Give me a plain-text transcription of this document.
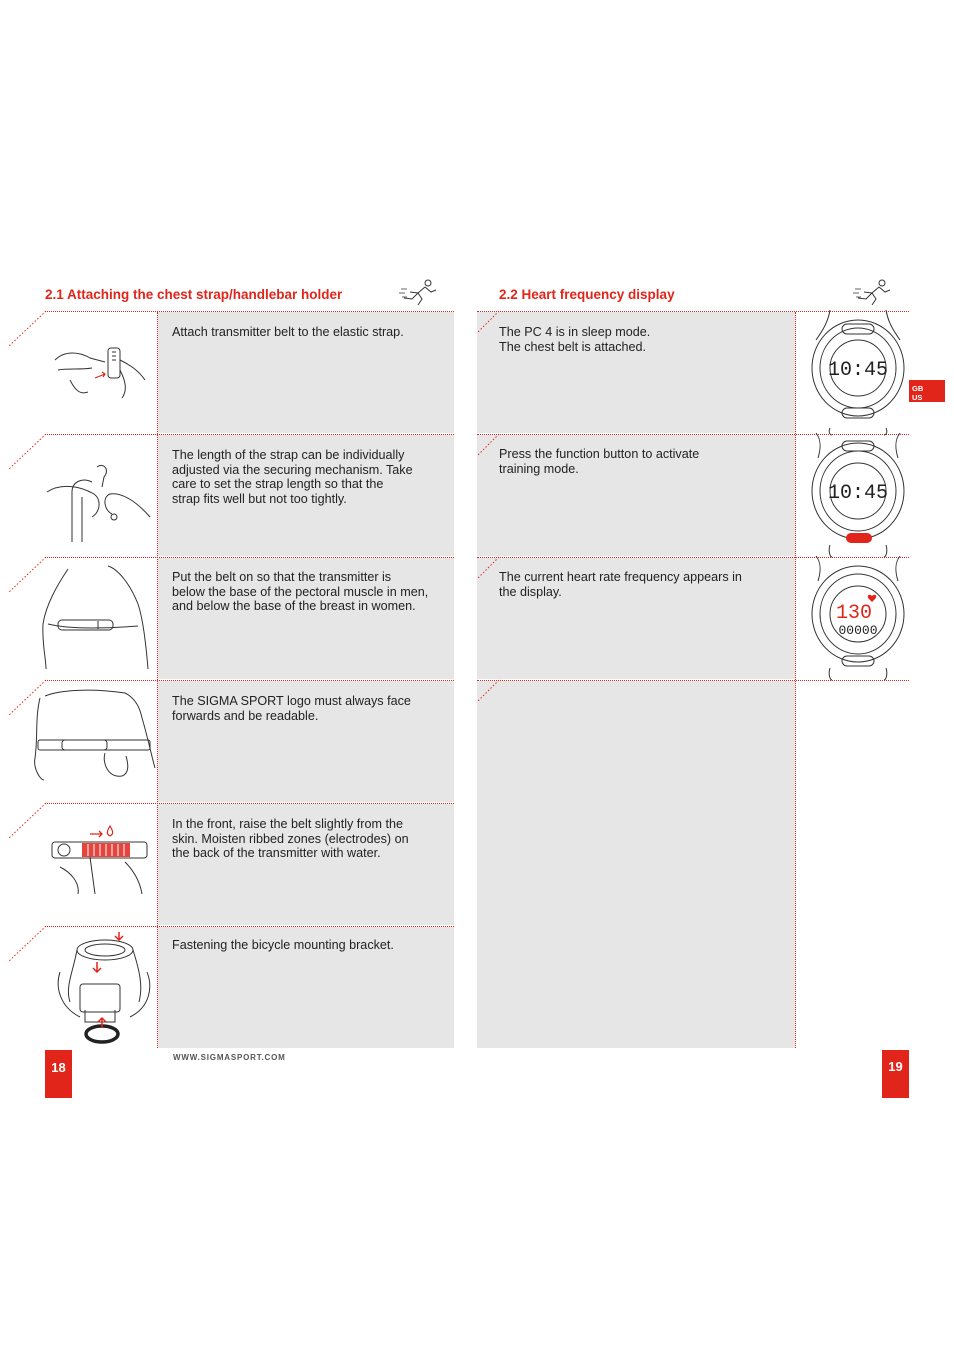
2.1 Attaching the chest strap/handlebar holder
Attach transmitter belt to the elastic strap.
The length of the strap can be individually
adjusted via the securing mechanism. Take
care to set the strap length so that the
strap fits well but not too tightly.
Put the belt on so that the transmitter is
below the base of the pectoral muscle in men,
and below the base of the breast in women.
The SIGMA SPORT logo must always face
forwards and be readable.
In the front, raise the belt slightly from the
skin. Moisten ribbed zones (electrodes) on
the back of the transmitter with water.
Fastening the bicycle mounting bracket.
18
WWW.SIGMASPORT.COM
2.2 Heart frequency display
The PC 4 is in sleep mode.
The chest belt is attached.
Press the function button to activate
training mode.
The current heart rate frequency appears in
the display.
10:45
10:45
130
00000
GB
US
19
